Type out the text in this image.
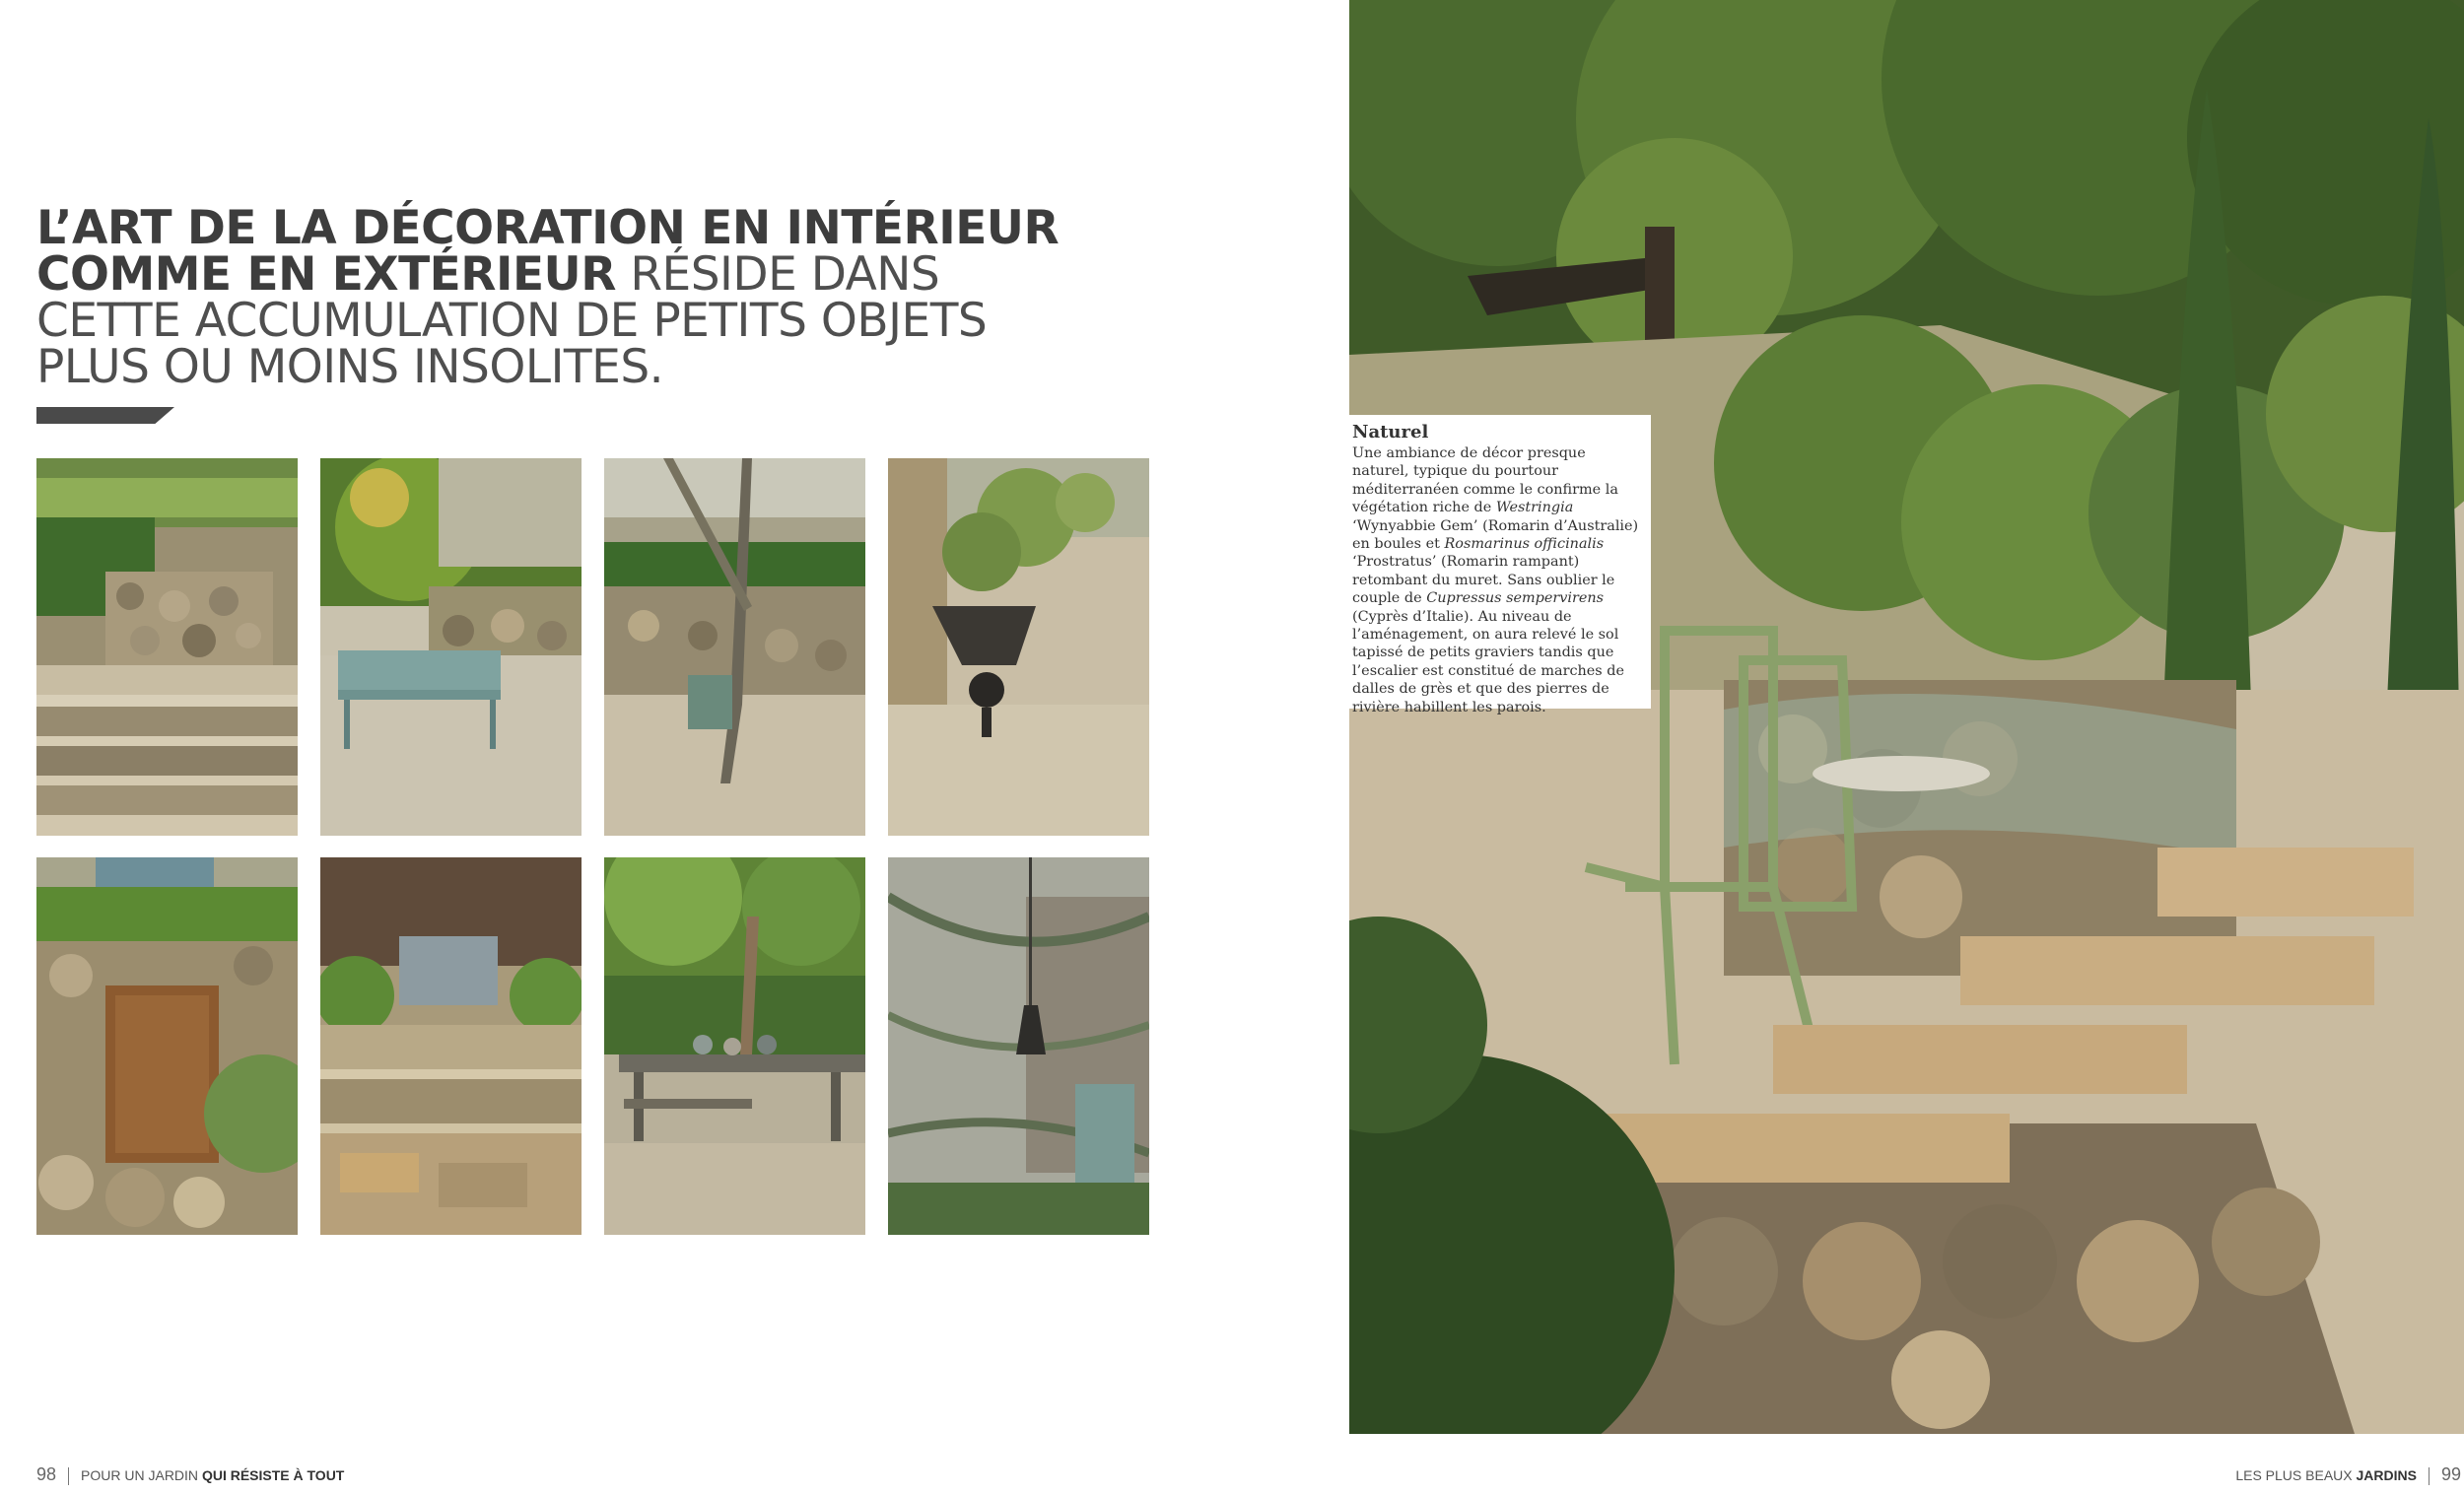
L’ART DE LA DÉCORATION EN INTÉRIEUR COMME EN EXTÉRIEUR RÉSIDE DANS CETTE ACCUMULATION DE PETITS OBJETS PLUS OU MOINS INSOLITES.
98 POUR UN JARDIN QUI RÉSISTE À TOUT

Naturel

Une ambiance de décor presque naturel, typique du pourtour méditerranéen comme le confirme la végétation riche de Westringia ‘Wynyabbie Gem’ (Romarin d’Australie) en boules et Rosmarinus officinalis ‘Prostratus’ (Romarin rampant) retombant du muret. Sans oublier le couple de Cupressus sempervirens (Cyprès d’Italie). Au niveau de l’aménagement, on aura relevé le sol tapissé de petits graviers tandis que l’escalier est constitué de marches de dalles de grès et que des pierres de rivière habillent les parois.

LES PLUS BEAUX JARDINS 99
